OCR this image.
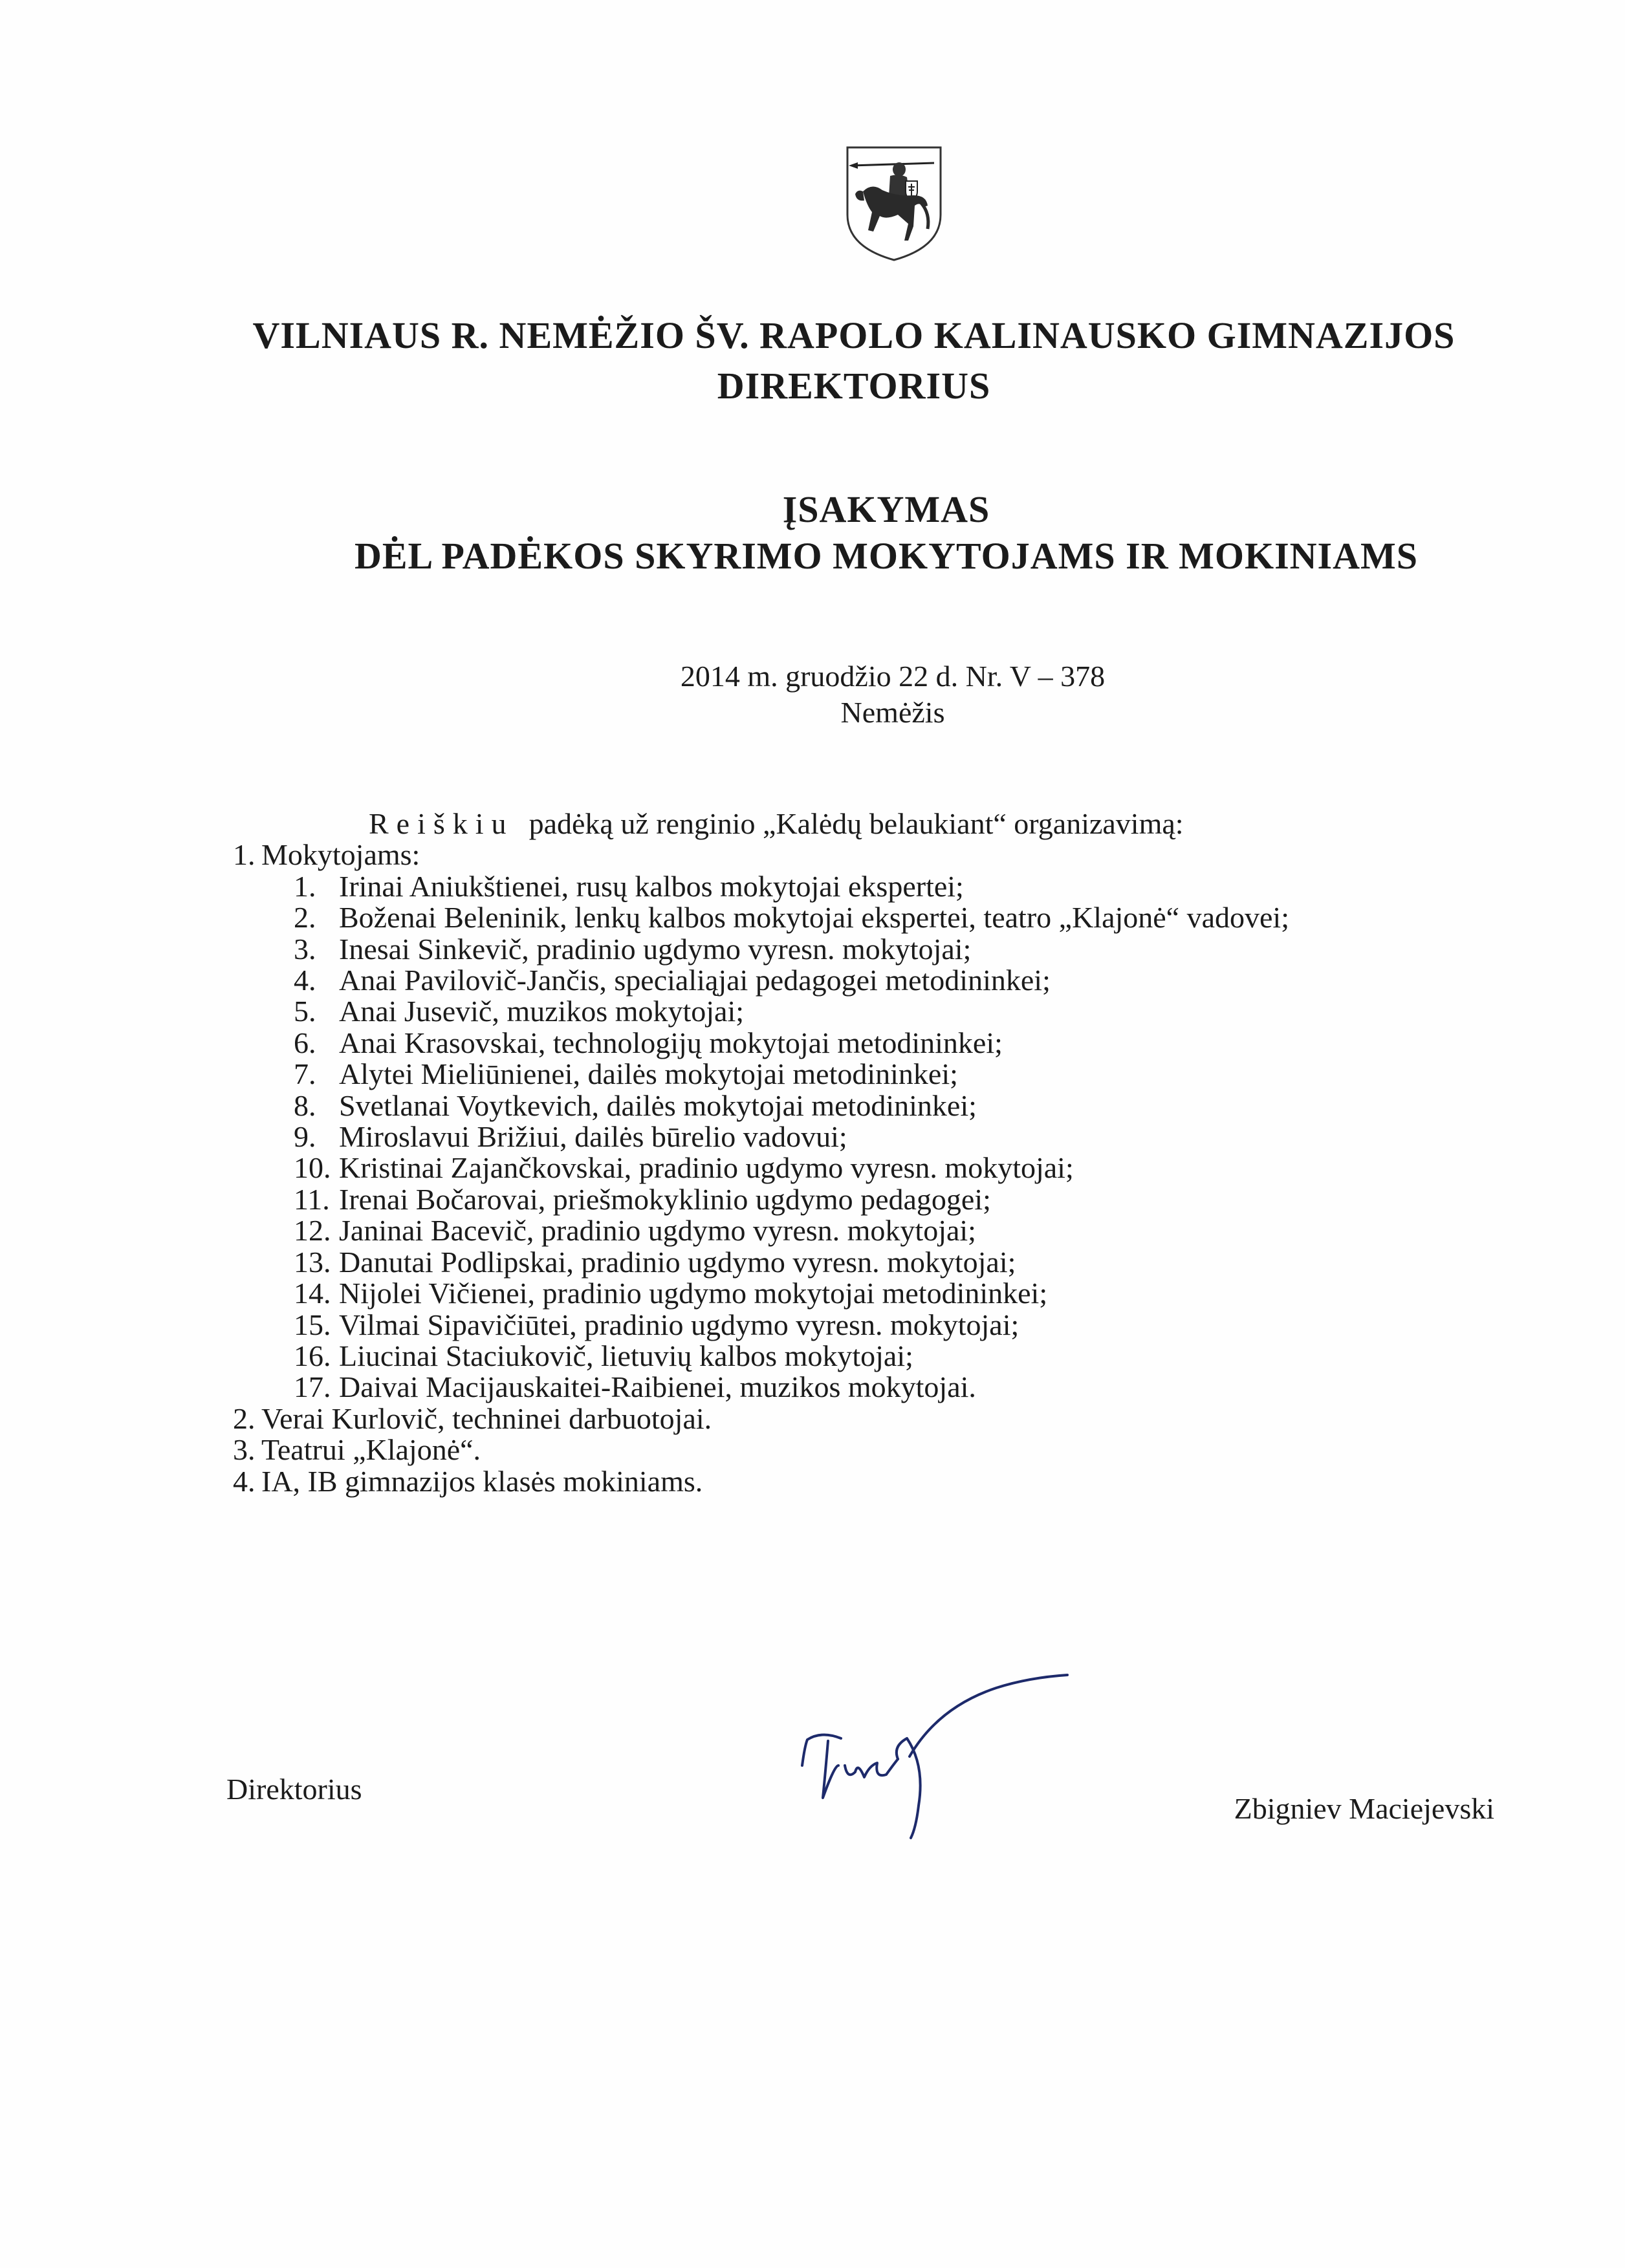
VILNIAUS R. NEMĖŽIO ŠV. RAPOLO KALINAUSKO GIMNAZIJOS
DIREKTORIUS
ĮSAKYMAS
DĖL PADĖKOS SKYRIMO MOKYTOJAMS IR MOKINIAMS
2014 m. gruodžio 22 d. Nr. V – 378
Nemėžis
Reiškiu padėką už renginio „Kalėdų belaukiant“ organizavimą:
1. Mokytojams:
1. Irinai Aniukštienei, rusų kalbos mokytojai ekspertei;
2. Boženai Beleninik, lenkų kalbos mokytojai ekspertei, teatro „Klajonė“ vadovei;
3. Inesai Sinkevič, pradinio ugdymo vyresn. mokytojai;
4. Anai Pavilovič-Jančis, specialiąjai pedagogei metodininkei;
5. Anai Jusevič, muzikos mokytojai;
6. Anai Krasovskai, technologijų mokytojai metodininkei;
7. Alytei Mieliūnienei, dailės mokytojai metodininkei;
8. Svetlanai Voytkevich, dailės mokytojai metodininkei;
9. Miroslavui Brižiui, dailės būrelio vadovui;
10. Kristinai Zajančkovskai, pradinio ugdymo vyresn. mokytojai;
11. Irenai Bočarovai, priešmokyklinio ugdymo pedagogei;
12. Janinai Bacevič, pradinio ugdymo vyresn. mokytojai;
13. Danutai Podlipskai, pradinio ugdymo vyresn. mokytojai;
14. Nijolei Vičienei, pradinio ugdymo mokytojai metodininkei;
15. Vilmai Sipavičiūtei, pradinio ugdymo vyresn. mokytojai;
16. Liucinai Staciukovič, lietuvių kalbos mokytojai;
17. Daivai Macijauskaitei-Raibienei, muzikos mokytojai.
2. Verai Kurlovič, techninei darbuotojai.
3. Teatrui „Klajonė“.
4. IA, IB gimnazijos klasės mokiniams.
Direktorius
Zbigniev Maciejevski
